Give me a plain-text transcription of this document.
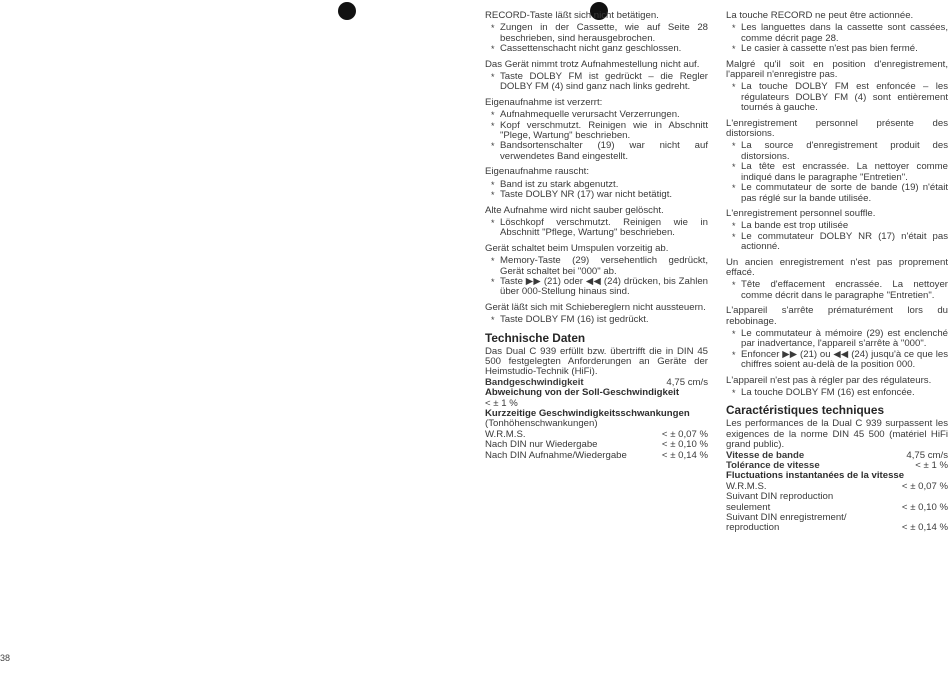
RECORD-Taste läßt sich nicht betätigen.

* Zungen in der Cassette, wie auf Seite 28 beschrieben, sind herausgebrochen.
* Cassettenschacht nicht ganz geschlossen.

Das Gerät nimmt trotz Aufnahmestellung nicht auf.

* Taste DOLBY FM ist gedrückt – die Regler DOLBY FM (4) sind ganz nach links gedreht.

Eigenaufnahme ist verzerrt:

* Aufnahmequelle verursacht Verzerrungen.
* Kopf verschmutzt. Reinigen wie in Abschnitt "Plege, Wartung" beschrieben.
* Bandsortenschalter (19) war nicht auf verwendetes Band eingestellt.

Eigenaufnahme rauscht:

* Band ist zu stark abgenutzt.
* Taste DOLBY NR (17) war nicht betätigt.

Alte Aufnahme wird nicht sauber gelöscht.

* Löschkopf verschmutzt. Reinigen wie in Abschnitt "Pflege, Wartung" beschrieben.

Gerät schaltet beim Umspulen vorzeitig ab.

* Memory-Taste (29) versehentlich gedrückt, Gerät schaltet bei "000" ab.
* Taste ▶▶ (21) oder ◀◀ (24) drücken, bis Zahlen über 000-Stellung hinaus sind.

Gerät läßt sich mit Schiebereglern nicht aussteuern.

* Taste DOLBY FM (16) ist gedrückt.
Technische Daten

Das Dual C 939 erfüllt bzw. übertrifft die in DIN 45 500 festgelegten Anforderungen an Geräte der Heimstudio-Technik (HiFi).

Bandgeschwindigkeit	4,75 cm/s
Abweichung von der Soll-Geschwindigkeit
< ± 1 %
Kurzzeitige Geschwindigkeitsschwankungen
(Tonhöhenschwankungen)
W.R.M.S.	< ± 0,07 %
Nach DIN nur Wiedergabe	< ± 0,10 %
Nach DIN Aufnahme/Wiedergabe	< ± 0,14 %

La touche RECORD ne peut être actionnée.

* Les languettes dans la cassette sont cassées, comme décrit page 28.
* Le casier à cassette n'est pas bien fermé.

Malgré qu'il soit en position d'enregistrement, l'appareil n'enregistre pas.

* La touche DOLBY FM est enfoncée – les régulateurs DOLBY FM (4) sont entièrement tournés à gauche.

L'enregistrement personnel présente des distorsions.

* La source d'enregistrement produit des distorsions.
* La tête est encrassée. La nettoyer comme indiqué dans le paragraphe "Entretien".
* Le commutateur de sorte de bande (19) n'était pas réglé sur la bande utilisée.

L'enregistrement personnel souffle.

* La bande est trop utilisée
* Le commutateur DOLBY NR (17) n'était pas actionné.

Un ancien enregistrement n'est pas proprement effacé.

* Tête d'effacement encrassée. La nettoyer comme décrit dans le paragraphe "Entretien".

L'appareil s'arrête prématurément lors du rebobinage.

* Le commutateur à mémoire (29) est enclenché par inadvertance, l'appareil s'arrête à "000".
* Enfoncer ▶▶ (21) ou ◀◀ (24) jusqu'à ce que les chiffres soient au-delà de la position 000.

L'appareil n'est pas à régler par des régulateurs.

* La touche DOLBY FM (16) est enfoncée.
Caractéristiques techniques

Les performances de la Dual C 939 surpassent les exigences de la norme DIN 45 500 (matériel HiFi grand public).

Vitesse de bande	4,75 cm/s
Tolérance de vitesse	< ± 1 %
Fluctuations instantanées de la vitesse
W.R.M.S.	< ± 0,07 %
Suivant DIN reproduction seulement	< ± 0,10 %
Suivant DIN enregistrement/ reproduction	< ± 0,14 %
38
